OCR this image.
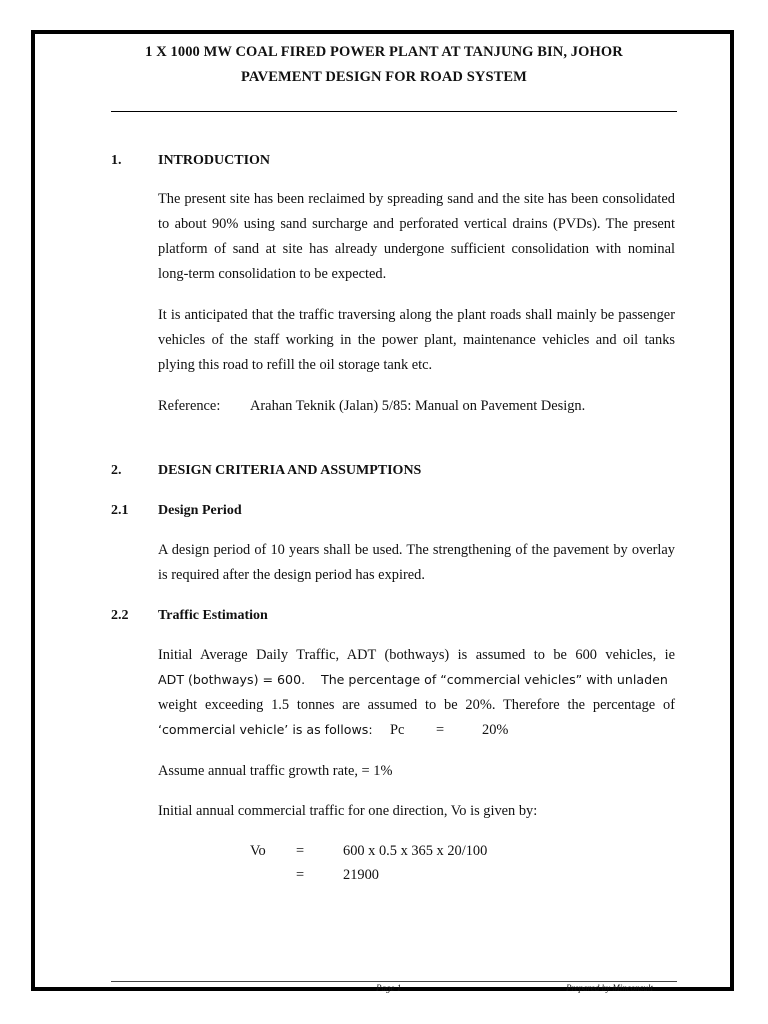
1 X 1000 MW COAL FIRED POWER PLANT AT TANJUNG BIN, JOHOR
PAVEMENT DESIGN FOR ROAD SYSTEM
1.	INTRODUCTION
The present site has been reclaimed by spreading sand and the site has been consolidated to about 90% using sand surcharge and perforated vertical drains (PVDs). The present platform of sand at site has already undergone sufficient consolidation with nominal long-term consolidation to be expected.
It is anticipated that the traffic traversing along the plant roads shall mainly be passenger vehicles of the staff working in the power plant, maintenance vehicles and oil tanks plying this road to refill the oil storage tank etc.
Reference: Arahan Teknik (Jalan) 5/85: Manual on Pavement Design.
2.	DESIGN CRITERIA AND ASSUMPTIONS
2.1 Design Period
A design period of 10 years shall be used. The strengthening of the pavement by overlay is required after the design period has expired.
2.2 Traffic Estimation
Initial Average Daily Traffic, ADT (bothways) is assumed to be 600 vehicles, ie
ADT (bothways) = 600. The percentage of “commercial vehicles” with unladen
weight exceeding 1.5 tonnes are assumed to be 20%. Therefore the percentage of
‘commercial vehicle’ is as follows: Pc =	20%
Assume annual traffic growth rate, = 1%
Initial annual commercial traffic for one direction, Vo is given by:
Vo =	600 x 0.5 x 365 x 20/100
=	21900
Page 1	Prepared by Minconsult
